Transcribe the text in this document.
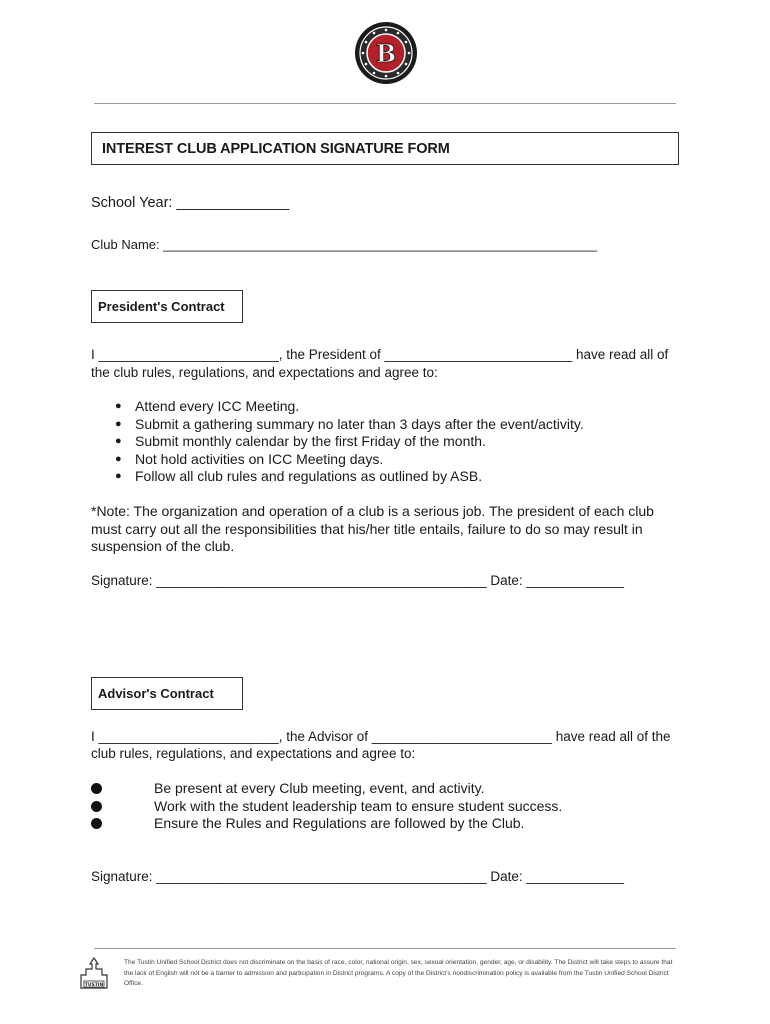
B
INTEREST CLUB APPLICATION SIGNATURE FORM
School Year: ______________
Club Name: ____________________________________________________________
President's Contract
I ________________________, the President of _________________________ have read all of
the club rules, regulations, and expectations and agree to:
● Attend every ICC Meeting.
● Submit a gathering summary no later than 3 days after the event/activity.
● Submit monthly calendar by the first Friday of the month.
● Not hold activities on ICC Meeting days.
● Follow all club rules and regulations as outlined by ASB.
*Note: The organization and operation of a club is a serious job. The president of each club must carry out all the responsibilities that his/her title entails, failure to do so may result in suspension of the club.
Signature: ____________________________________________ Date: _____________
Advisor's Contract
I ________________________, the Advisor of ________________________ have read all of the
club rules, regulations, and expectations and agree to:
Be present at every Club meeting, event, and activity.
Work with the student leadership team to ensure student success.
Ensure the Rules and Regulations are followed by the Club.
Signature: ____________________________________________ Date: _____________
TUSTIN
The Tustin Unified School District does not discriminate on the basis of race, color, national origin, sex, sexual orientation, gender, age, or disability. The District will take steps to assure that the lack of English will not be a barrier to admission and participation in District programs. A copy of the District's nondiscrimination policy is available from the Tustin Unified School District Office.
